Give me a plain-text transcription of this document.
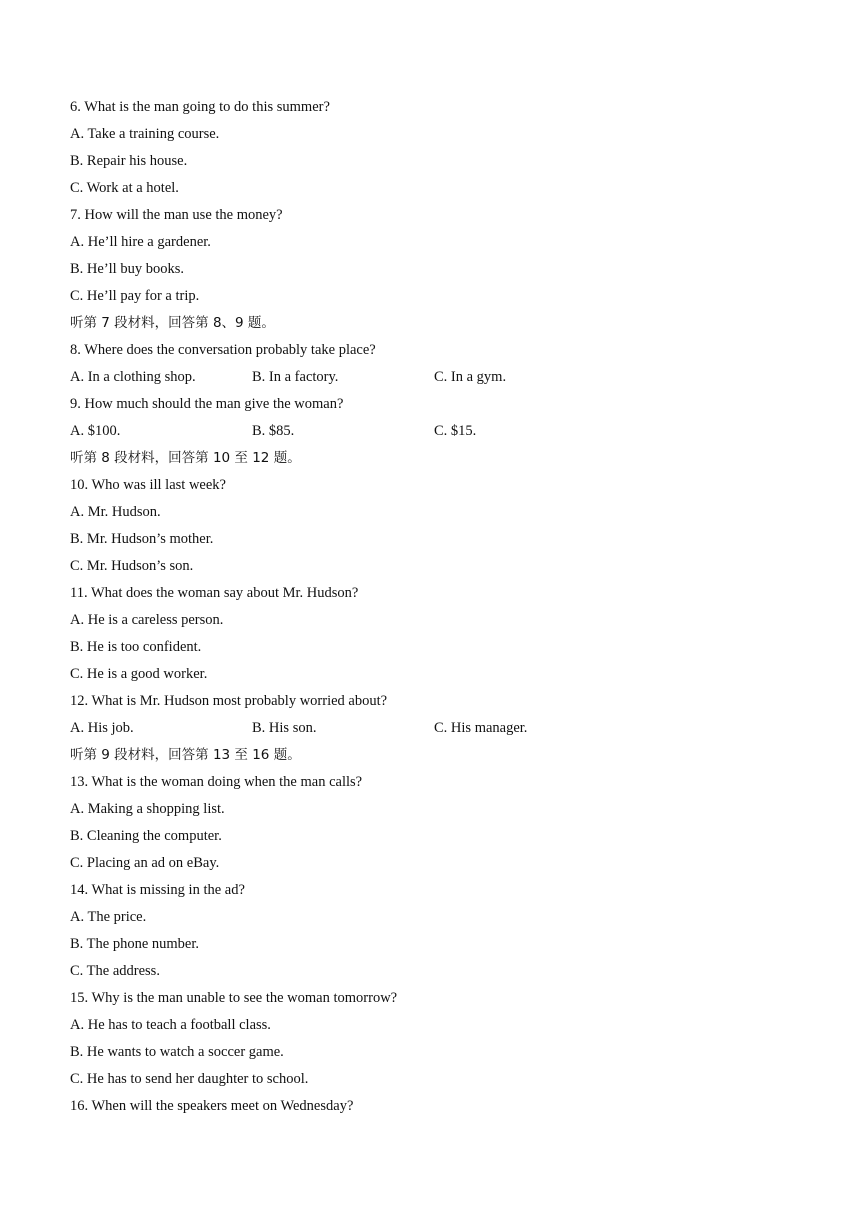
6. What is the man going to do this summer?
A. Take a training course.
B. Repair his house.
C. Work at a hotel.
7. How will the man use the money?
A. He’ll hire a gardener.
B. He’ll buy books.
C. He’ll pay for a trip.
听第 7 段材料，回答第 8、9 题。
8. Where does the conversation probably take place?
A. In a clothing shop.	B. In a factory.	C. In a gym.
9. How much should the man give the woman?
A. $100.	B. $85.	C. $15.
听第 8 段材料，回答第 10 至 12 题。
10. Who was ill last week?
A. Mr. Hudson.
B. Mr. Hudson’s mother.
C. Mr. Hudson’s son.
11. What does the woman say about Mr. Hudson?
A. He is a careless person.
B. He is too confident.
C. He is a good worker.
12. What is Mr. Hudson most probably worried about?
A. His job.	B. His son.	C. His manager.
听第 9 段材料，回答第 13 至 16 题。
13. What is the woman doing when the man calls?
A. Making a shopping list.
B. Cleaning the computer.
C. Placing an ad on eBay.
14. What is missing in the ad?
A. The price.
B. The phone number.
C. The address.
15. Why is the man unable to see the woman tomorrow?
A. He has to teach a football class.
B. He wants to watch a soccer game.
C. He has to send her daughter to school.
16. When will the speakers meet on Wednesday?
